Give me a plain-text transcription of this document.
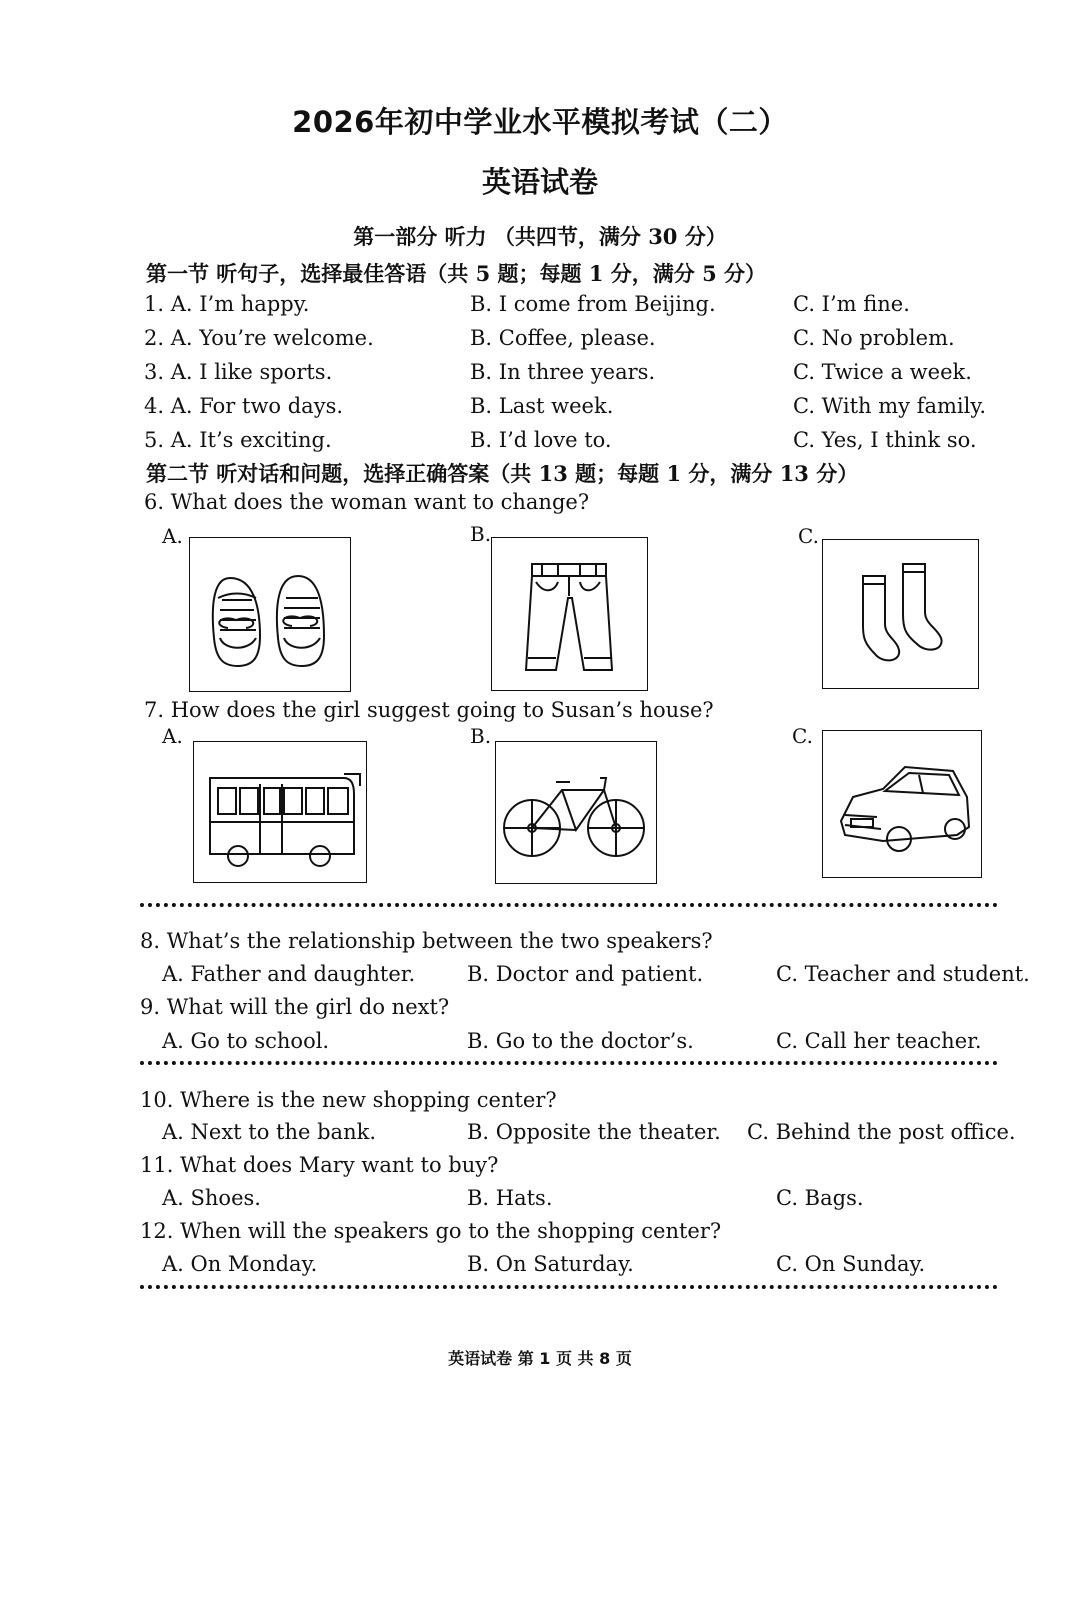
2026年初中学业水平模拟考试（二）
英语试卷
第一部分 听力 （共四节，满分 30 分）
第一节 听句子，选择最佳答语（共 5 题；每题 1 分，满分 5 分）
1. A. I’m happy.	B. I come from Beijing.	C. I’m fine.
2. A. You’re welcome.	B. Coffee, please.	C. No problem.
3. A. I like sports.	B. In three years.	C. Twice a week.
4. A. For two days.	B. Last week.	C. With my family.
5. A. It’s exciting.	B. I’d love to.	C. Yes, I think so.
第二节 听对话和问题，选择正确答案（共 13 题；每题 1 分，满分 13 分）
6. What does the woman want to change?
A.	B.	C.
7. How does the girl suggest going to Susan’s house?
A.	B.	C.
8. What’s the relationship between the two speakers?
A. Father and daughter. B. Doctor and patient.	C. Teacher and student.
9. What will the girl do next?
A. Go to school.	B. Go to the doctor’s.	C. Call her teacher.
10. Where is the new shopping center?
A. Next to the bank.	B. Opposite the theater. C. Behind the post office.
11. What does Mary want to buy?
A. Shoes.	B. Hats.	C. Bags.
12. When will the speakers go to the shopping center?
A. On Monday.	B. On Saturday.	C. On Sunday.
英语试卷 第 1 页 共 8 页
